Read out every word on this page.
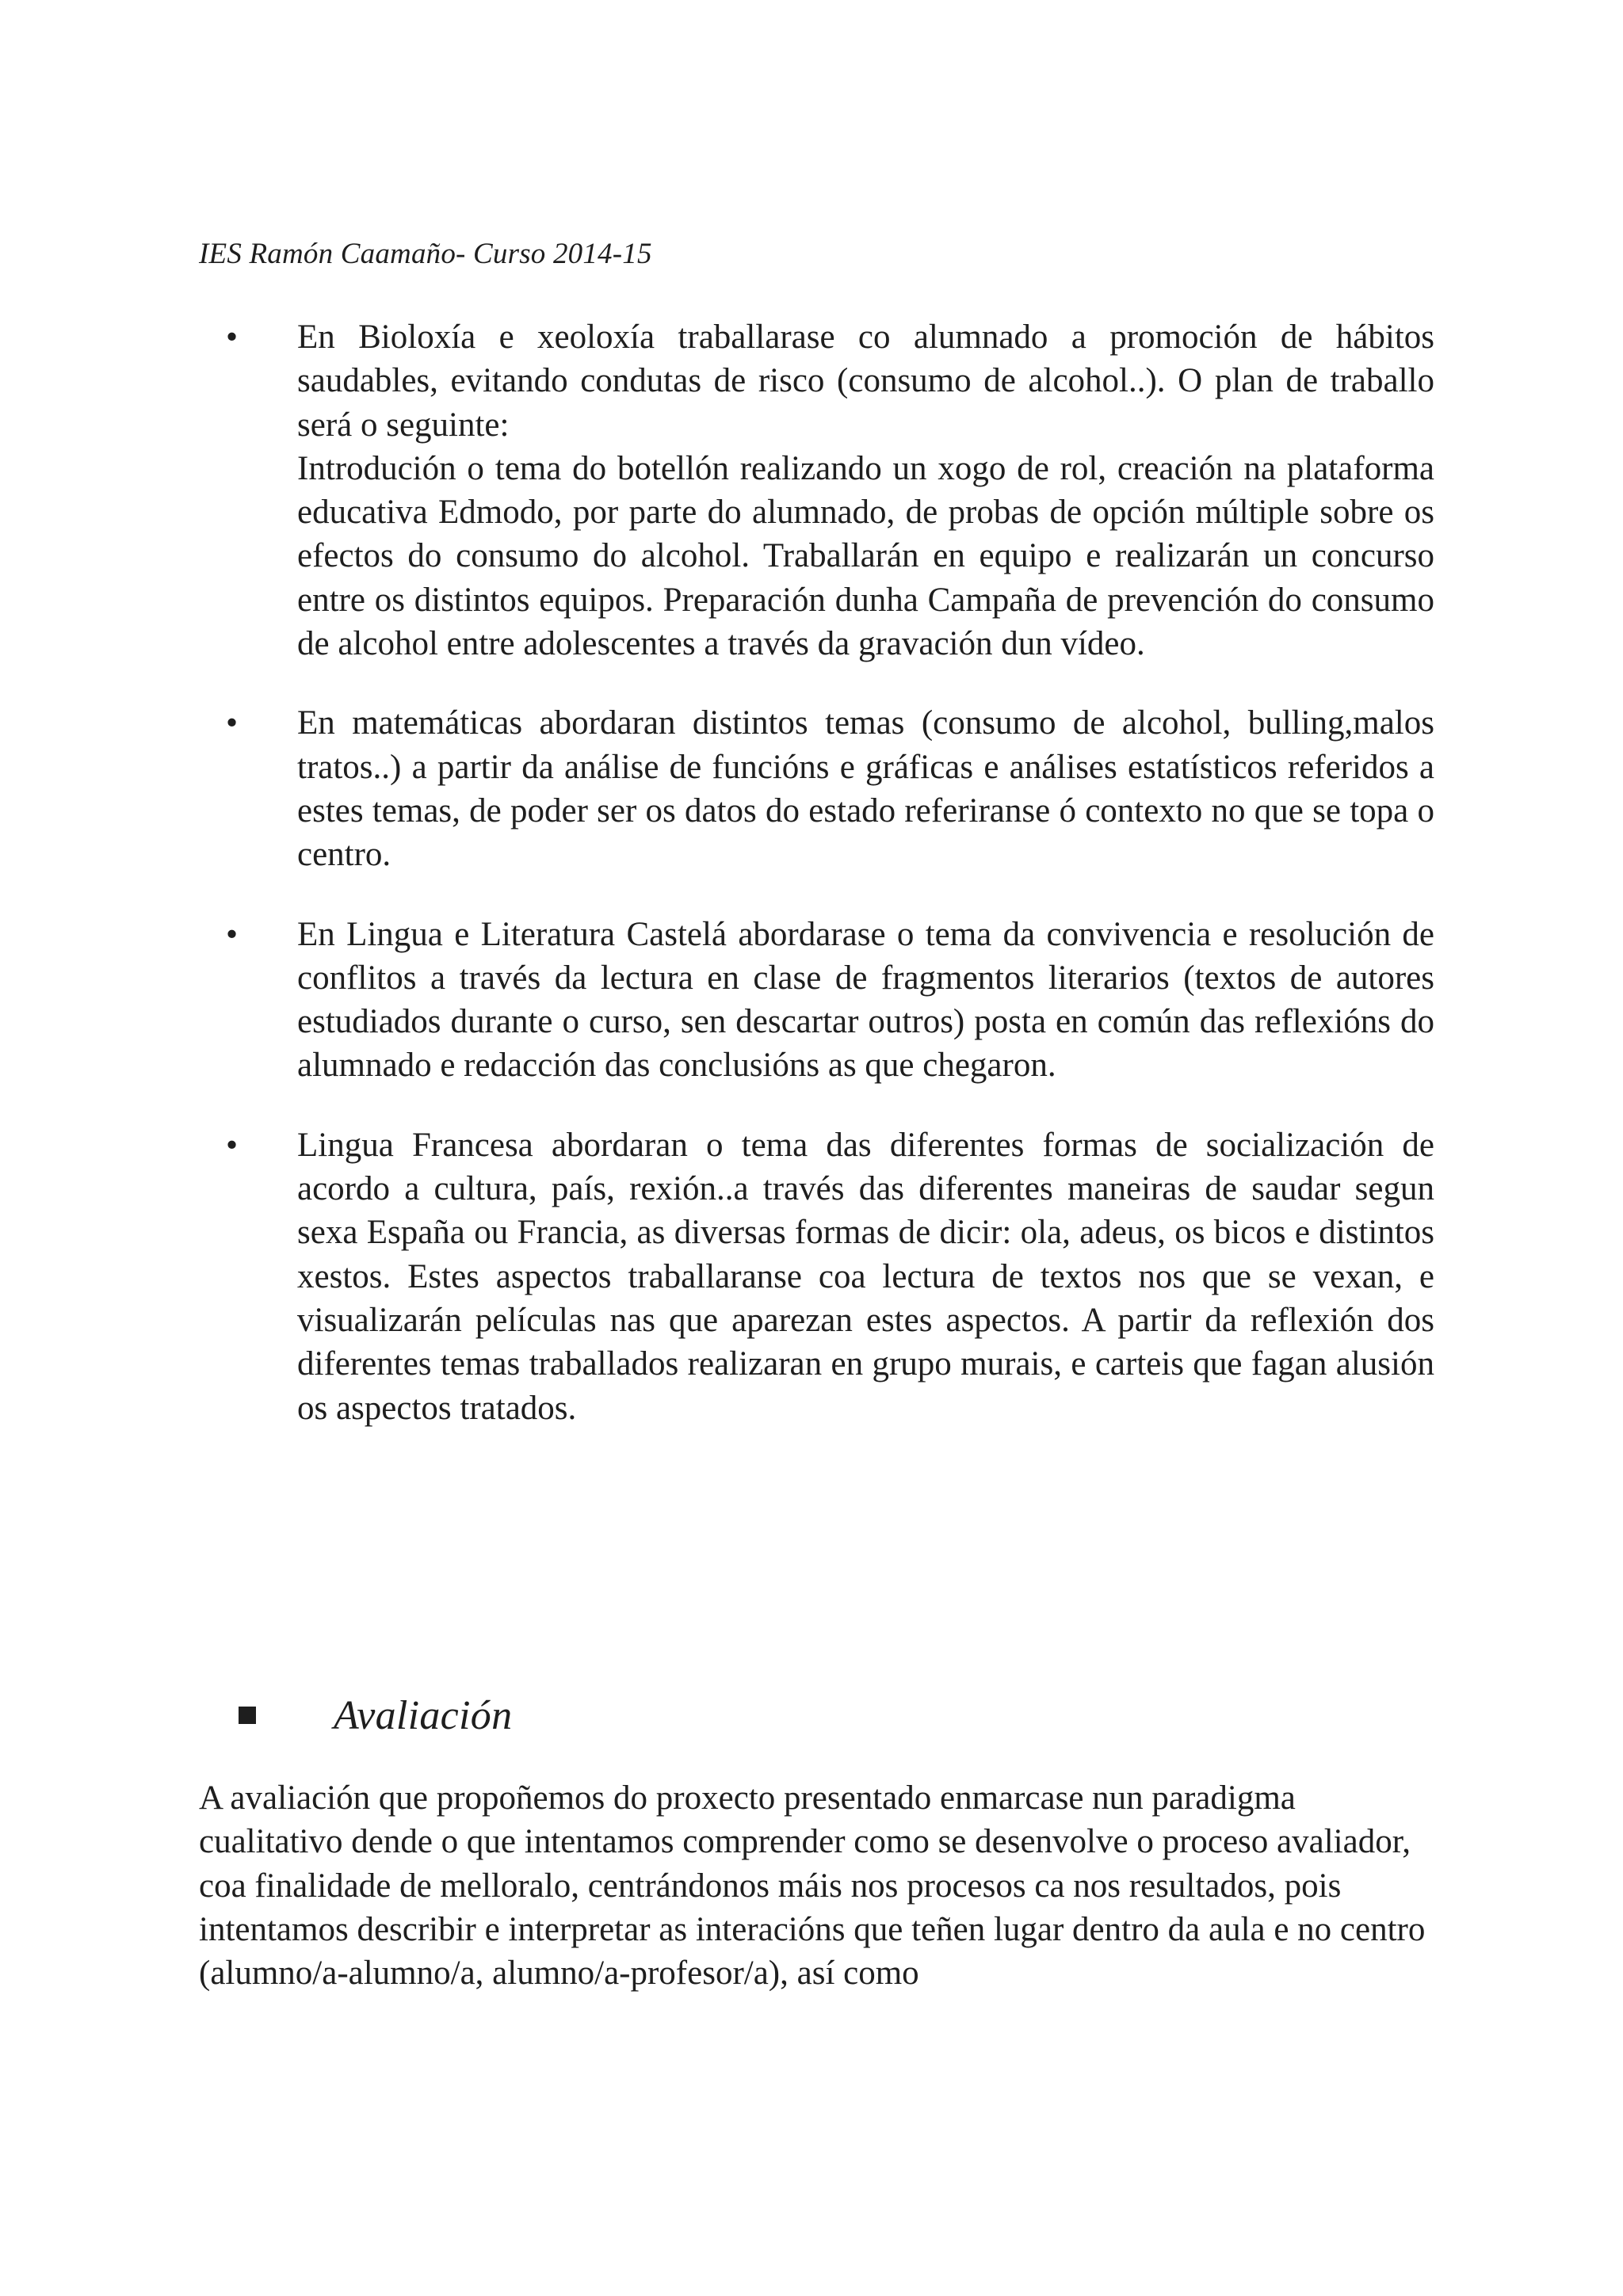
IES Ramón Caamaño- Curso 2014-15
• En Bioloxía e xeoloxía traballarase co alumnado a promoción de hábitos saudables, evitando condutas de risco (consumo de alcohol..). O plan de traballo será o seguinte:
Introdución o tema do botellón realizando un xogo de rol, creación na plataforma educativa Edmodo, por parte do alumnado, de probas de opción múltiple sobre os efectos do consumo do alcohol. Traballarán en equipo e realizarán un concurso entre os distintos equipos. Preparación dunha Campaña de prevención do consumo de alcohol entre adolescentes a través da gravación dun vídeo.
• En matemáticas abordaran distintos temas (consumo de alcohol, bulling,malos tratos..) a partir da análise de funcións e gráficas e análises estatísticos referidos a estes temas, de poder ser os datos do estado referiranse ó contexto no que se topa o centro.
• En Lingua e Literatura Castelá abordarase o tema da convivencia e resolución de conflitos a través da lectura en clase de fragmentos literarios (textos de autores estudiados durante o curso, sen descartar outros) posta en común das reflexións do alumnado e redacción das conclusións as que chegaron.
• Lingua Francesa abordaran o tema das diferentes formas de socialización de acordo a cultura, país, rexión..a través das diferentes maneiras de saudar segun sexa España ou Francia, as diversas formas de dicir: ola, adeus, os bicos e distintos xestos. Estes aspectos traballaranse coa lectura de textos nos que se vexan, e visualizarán películas nas que aparezan estes aspectos. A partir da reflexión dos diferentes temas traballados realizaran en grupo murais, e carteis que fagan alusión os aspectos tratados.
Avaliación

A avaliación que propoñemos do proxecto presentado enmarcase nun paradigma cualitativo dende o que intentamos comprender como se desenvolve o proceso avaliador, coa finalidade de melloralo, centrándonos máis nos procesos ca nos resultados, pois intentamos describir e interpretar as interacións que teñen lugar dentro da aula e no centro (alumno/a-alumno/a, alumno/a-profesor/a), así como
